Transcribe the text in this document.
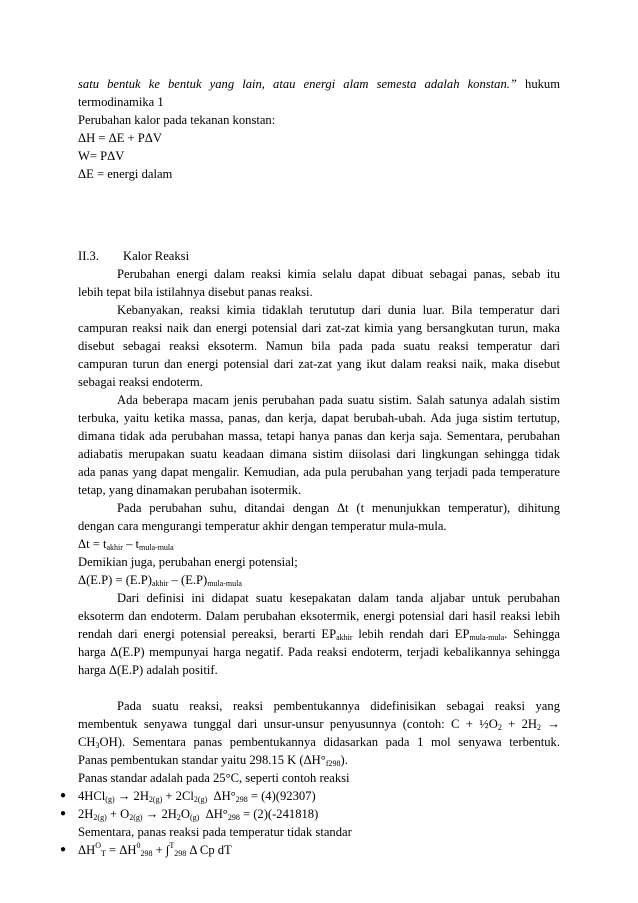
satu bentuk ke bentuk yang lain, atau energi alam semesta adalah konstan.” hukum
termodinamika 1
Perubahan kalor pada tekanan konstan:
ΔH = ΔE + PΔV
W= PΔV
ΔE = energi dalam
II.3. Kalor Reaksi
Perubahan energi dalam reaksi kimia selalu dapat dibuat sebagai panas, sebab itu
lebih tepat bila istilahnya disebut panas reaksi.
Kebanyakan, reaksi kimia tidaklah terututup dari dunia luar. Bila temperatur dari
campuran reaksi naik dan energi potensial dari zat-zat kimia yang bersangkutan turun, maka
disebut sebagai reaksi eksoterm. Namun bila pada pada suatu reaksi temperatur dari
campuran turun dan energi potensial dari zat-zat yang ikut dalam reaksi naik, maka disebut
sebagai reaksi endoterm.
Ada beberapa macam jenis perubahan pada suatu sistim. Salah satunya adalah sistim
terbuka, yaitu ketika massa, panas, dan kerja, dapat berubah-ubah. Ada juga sistim tertutup,
dimana tidak ada perubahan massa, tetapi hanya panas dan kerja saja. Sementara, perubahan
adiabatis merupakan suatu keadaan dimana sistim diisolasi dari lingkungan sehingga tidak
ada panas yang dapat mengalir. Kemudian, ada pula perubahan yang terjadi pada temperature
tetap, yang dinamakan perubahan isotermik.
Pada perubahan suhu, ditandai dengan Δt (t menunjukkan temperatur), dihitung
dengan cara mengurangi temperatur akhir dengan temperatur mula-mula.
$\Delta t = t_{akhir} - t_{mula-mula}$
Demikian juga, perubahan energi potensial;
$\Delta(E.P) = (E.P)_{akhir} - (E.P)_{mula-mula}$
Dari definisi ini didapat suatu kesepakatan dalam tanda aljabar untuk perubahan
eksoterm dan endoterm. Dalam perubahan eksotermik, energi potensial dari hasil reaksi lebih
rendah dari energi potensial pereaksi, berarti $EP_{akhir}$ lebih rendah dari $EP_{mula-mula}$. Sehingga
harga Δ(E.P) mempunyai harga negatif. Pada reaksi endoterm, terjadi kebalikannya sehingga
harga Δ(E.P) adalah positif.
Pada suatu reaksi, reaksi pembentukannya didefinisikan sebagai reaksi yang
membentuk senyawa tunggal dari unsur-unsur penyusunnya (contoh: $C + \frac{1}{2}O_2 + 2H_2$ →
$CH_3OH$). Sementara panas pembentukannya didasarkan pada 1 mol senyawa terbentuk.
Panas pembentukan standar yaitu 298.15 K $(\Delta H^\circ_{f298})$.
Panas standar adalah pada 25°C, seperti contoh reaksi
● $4HCl_{(g)} \to 2H_{2(g)} + 2Cl_{2(g)}$  $\Delta H^\circ_{298} = (4)(92307)$
● $2H_{2(g)} + O_{2(g)} \to 2H_2O_{(g)}$  $\Delta H^\circ_{298} = (2)(-241818)$
Sementara, panas reaksi pada temperatur tidak standar
● $\Delta H^O_T = \Delta H^0_{298} + \int^T_{298}$ Δ Cp dT
